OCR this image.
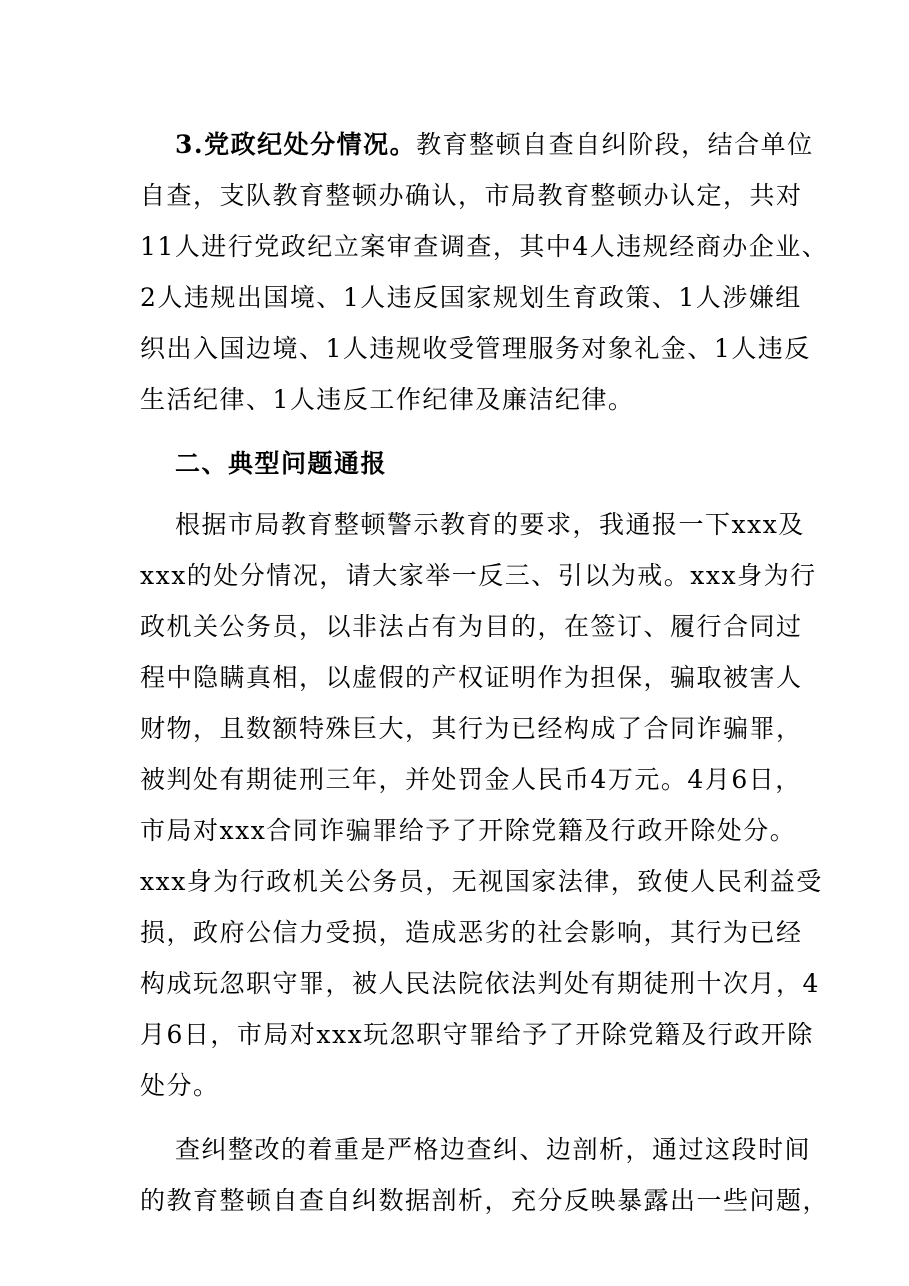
3.党政纪处分情况。教育整顿自查自纠阶段，结合单位
自查，支队教育整顿办确认，市局教育整顿办认定，共对
11人进行党政纪立案审查调查，其中4人违规经商办企业、
2人违规出国境、1人违反国家规划生育政策、1人涉嫌组
织出入国边境、1人违规收受管理服务对象礼金、1人违反
生活纪律、1人违反工作纪律及廉洁纪律。
二、典型问题通报
根据市局教育整顿警示教育的要求，我通报一下xxx及
xxx的处分情况，请大家举一反三、引以为戒。xxx身为行
政机关公务员，以非法占有为目的，在签订、履行合同过
程中隐瞒真相，以虚假的产权证明作为担保，骗取被害人
财物，且数额特殊巨大，其行为已经构成了合同诈骗罪，
被判处有期徒刑三年，并处罚金人民币4万元。4月6日，
市局对xxx合同诈骗罪给予了开除党籍及行政开除处分。
xxx身为行政机关公务员，无视国家法律，致使人民利益受
损，政府公信力受损，造成恶劣的社会影响，其行为已经
构成玩忽职守罪，被人民法院依法判处有期徒刑十次月，4
月6日，市局对xxx玩忽职守罪给予了开除党籍及行政开除
处分。
查纠整改的着重是严格边查纠、边剖析，通过这段时间
的教育整顿自查自纠数据剖析，充分反映暴露出一些问题，
